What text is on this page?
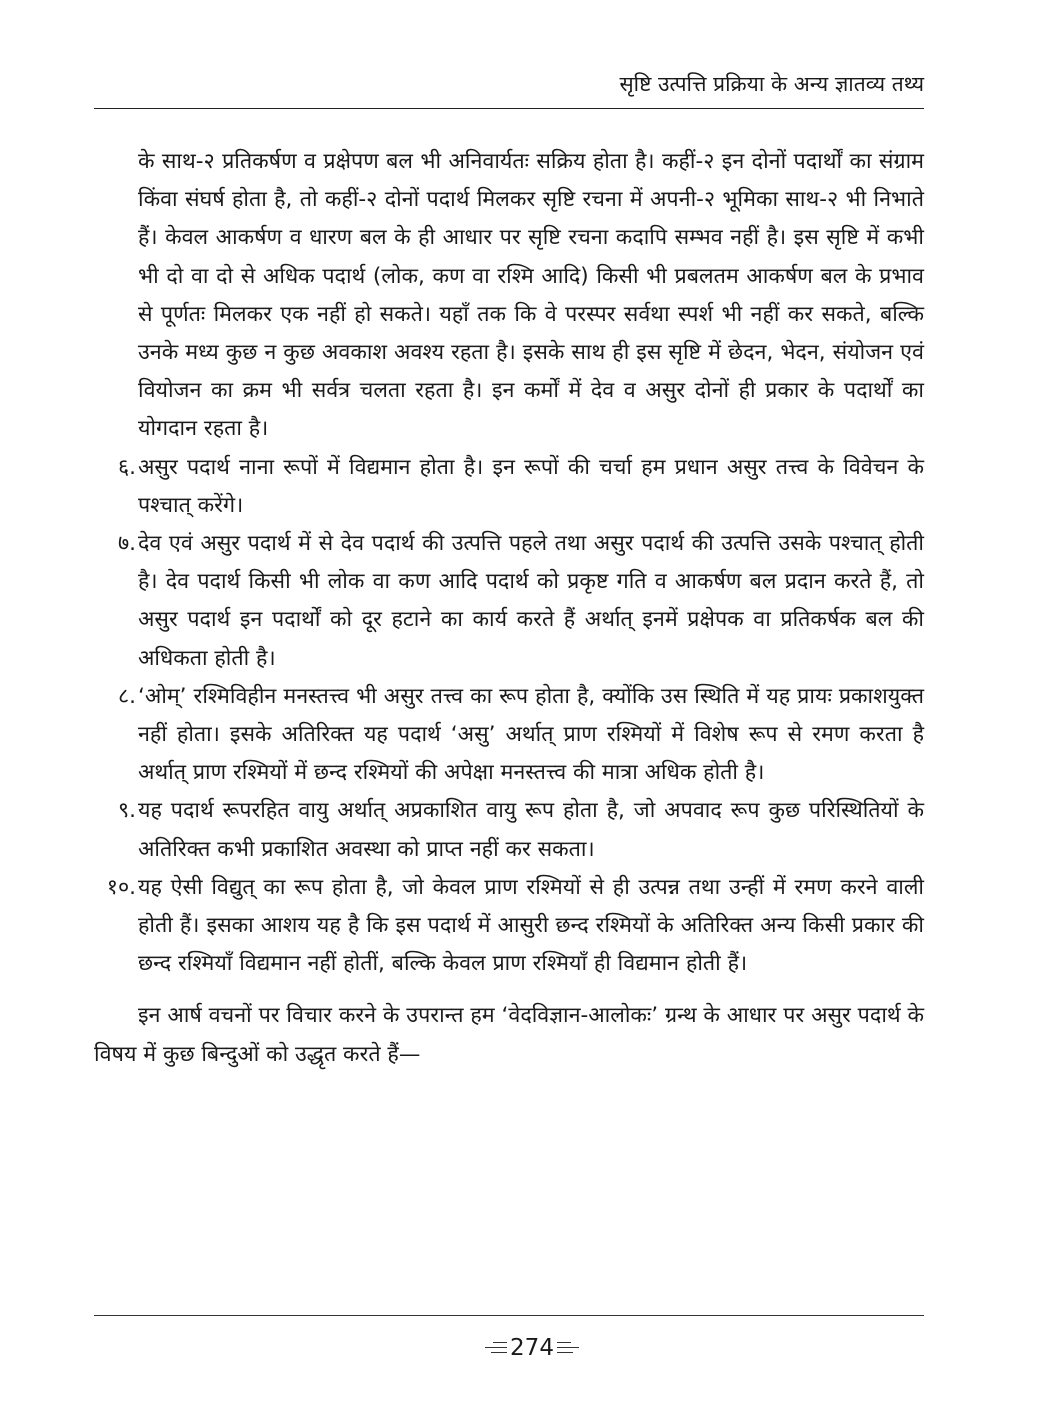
सृष्टि उत्पत्ति प्रक्रिया के अन्य ज्ञातव्य तथ्य

के साथ-२ प्रतिकर्षण व प्रक्षेपण बल भी अनिवार्यतः सक्रिय होता है। कहीं-२ इन दोनों पदार्थों का संग्राम किंवा संघर्ष होता है, तो कहीं-२ दोनों पदार्थ मिलकर सृष्टि रचना में अपनी-२ भूमिका साथ-२ भी निभाते हैं। केवल आकर्षण व धारण बल के ही आधार पर सृष्टि रचना कदापि सम्भव नहीं है। इस सृष्टि में कभी भी दो वा दो से अधिक पदार्थ (लोक, कण वा रश्मि आदि) किसी भी प्रबलतम आकर्षण बल के प्रभाव से पूर्णतः मिलकर एक नहीं हो सकते। यहाँ तक कि वे परस्पर सर्वथा स्पर्श भी नहीं कर सकते, बल्कि उनके मध्य कुछ न कुछ अवकाश अवश्य रहता है। इसके साथ ही इस सृष्टि में छेदन, भेदन, संयोजन एवं वियोजन का क्रम भी सर्वत्र चलता रहता है। इन कर्मों में देव व असुर दोनों ही प्रकार के पदार्थों का योगदान रहता है।

६. असुर पदार्थ नाना रूपों में विद्यमान होता है। इन रूपों की चर्चा हम प्रधान असुर तत्त्व के विवेचन के पश्चात् करेंगे।
७. देव एवं असुर पदार्थ में से देव पदार्थ की उत्पत्ति पहले तथा असुर पदार्थ की उत्पत्ति उसके पश्चात् होती है। देव पदार्थ किसी भी लोक वा कण आदि पदार्थ को प्रकृष्ट गति व आकर्षण बल प्रदान करते हैं, तो असुर पदार्थ इन पदार्थों को दूर हटाने का कार्य करते हैं अर्थात् इनमें प्रक्षेपक वा प्रतिकर्षक बल की अधिकता होती है।
८. ‘ओम्’ रश्मिविहीन मनस्तत्त्व भी असुर तत्त्व का रूप होता है, क्योंकि उस स्थिति में यह प्रायः प्रकाशयुक्त नहीं होता। इसके अतिरिक्त यह पदार्थ ‘असु’ अर्थात् प्राण रश्मियों में विशेष रूप से रमण करता है अर्थात् प्राण रश्मियों में छन्द रश्मियों की अपेक्षा मनस्तत्त्व की मात्रा अधिक होती है।
९. यह पदार्थ रूपरहित वायु अर्थात् अप्रकाशित वायु रूप होता है, जो अपवाद रूप कुछ परिस्थितियों के अतिरिक्त कभी प्रकाशित अवस्था को प्राप्त नहीं कर सकता।
१०. यह ऐसी विद्युत् का रूप होता है, जो केवल प्राण रश्मियों से ही उत्पन्न तथा उन्हीं में रमण करने वाली होती हैं। इसका आशय यह है कि इस पदार्थ में आसुरी छन्द रश्मियों के अतिरिक्त अन्य किसी प्रकार की छन्द रश्मियाँ विद्यमान नहीं होतीं, बल्कि केवल प्राण रश्मियाँ ही विद्यमान होती हैं।

इन आर्ष वचनों पर विचार करने के उपरान्त हम ‘वेदविज्ञान-आलोकः’ ग्रन्थ के आधार पर असुर पदार्थ के विषय में कुछ बिन्दुओं को उद्धृत करते हैं—

274
